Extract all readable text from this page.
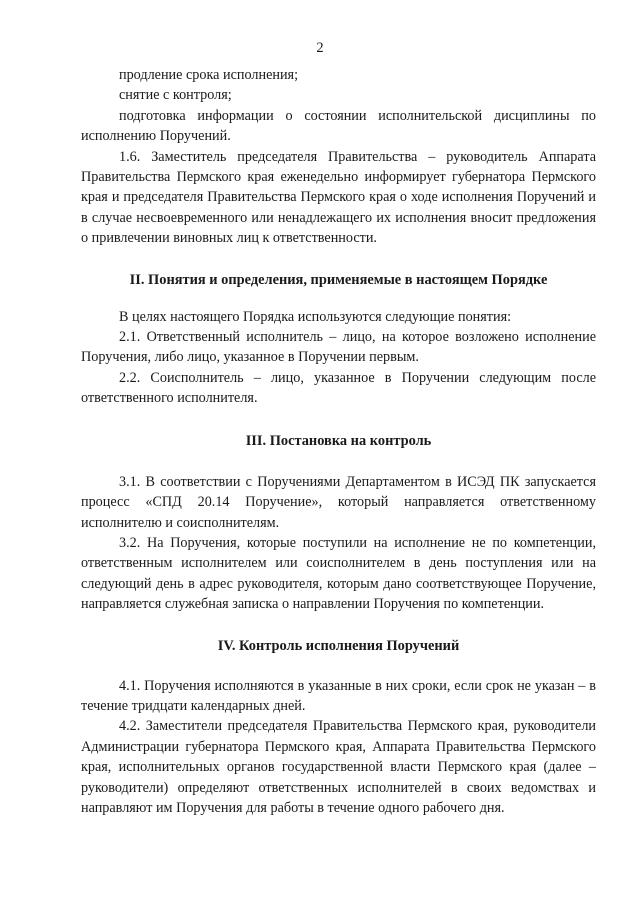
2

продление срока исполнения;

снятие с контроля;

подготовка информации о состоянии исполнительской дисциплины по исполнению Поручений.

1.6. Заместитель председателя Правительства – руководитель Аппарата Правительства Пермского края еженедельно информирует губернатора Пермского края и председателя Правительства Пермского края о ходе исполнения Поручений и в случае несвоевременного или ненадлежащего их исполнения вносит предложения о привлечении виновных лиц к ответственности.

II. Понятия и определения, применяемые в настоящем Порядке

В целях настоящего Порядка используются следующие понятия:

2.1. Ответственный исполнитель – лицо, на которое возложено исполнение Поручения, либо лицо, указанное в Поручении первым.

2.2. Соисполнитель – лицо, указанное в Поручении следующим после ответственного исполнителя.

III. Постановка на контроль

3.1. В соответствии с Поручениями Департаментом в ИСЭД ПК запускается процесс «СПД 20.14 Поручение», который направляется ответственному исполнителю и соисполнителям.

3.2. На Поручения, которые поступили на исполнение не по компетенции, ответственным исполнителем или соисполнителем в день поступления или на следующий день в адрес руководителя, которым дано соответствующее Поручение, направляется служебная записка о направлении Поручения по компетенции.

IV. Контроль исполнения Поручений

4.1. Поручения исполняются в указанные в них сроки, если срок не указан – в течение тридцати календарных дней.

4.2. Заместители председателя Правительства Пермского края, руководители Администрации губернатора Пермского края, Аппарата Правительства Пермского края, исполнительных органов государственной власти Пермского края (далее – руководители) определяют ответственных исполнителей в своих ведомствах и направляют им Поручения для работы в течение одного рабочего дня.
